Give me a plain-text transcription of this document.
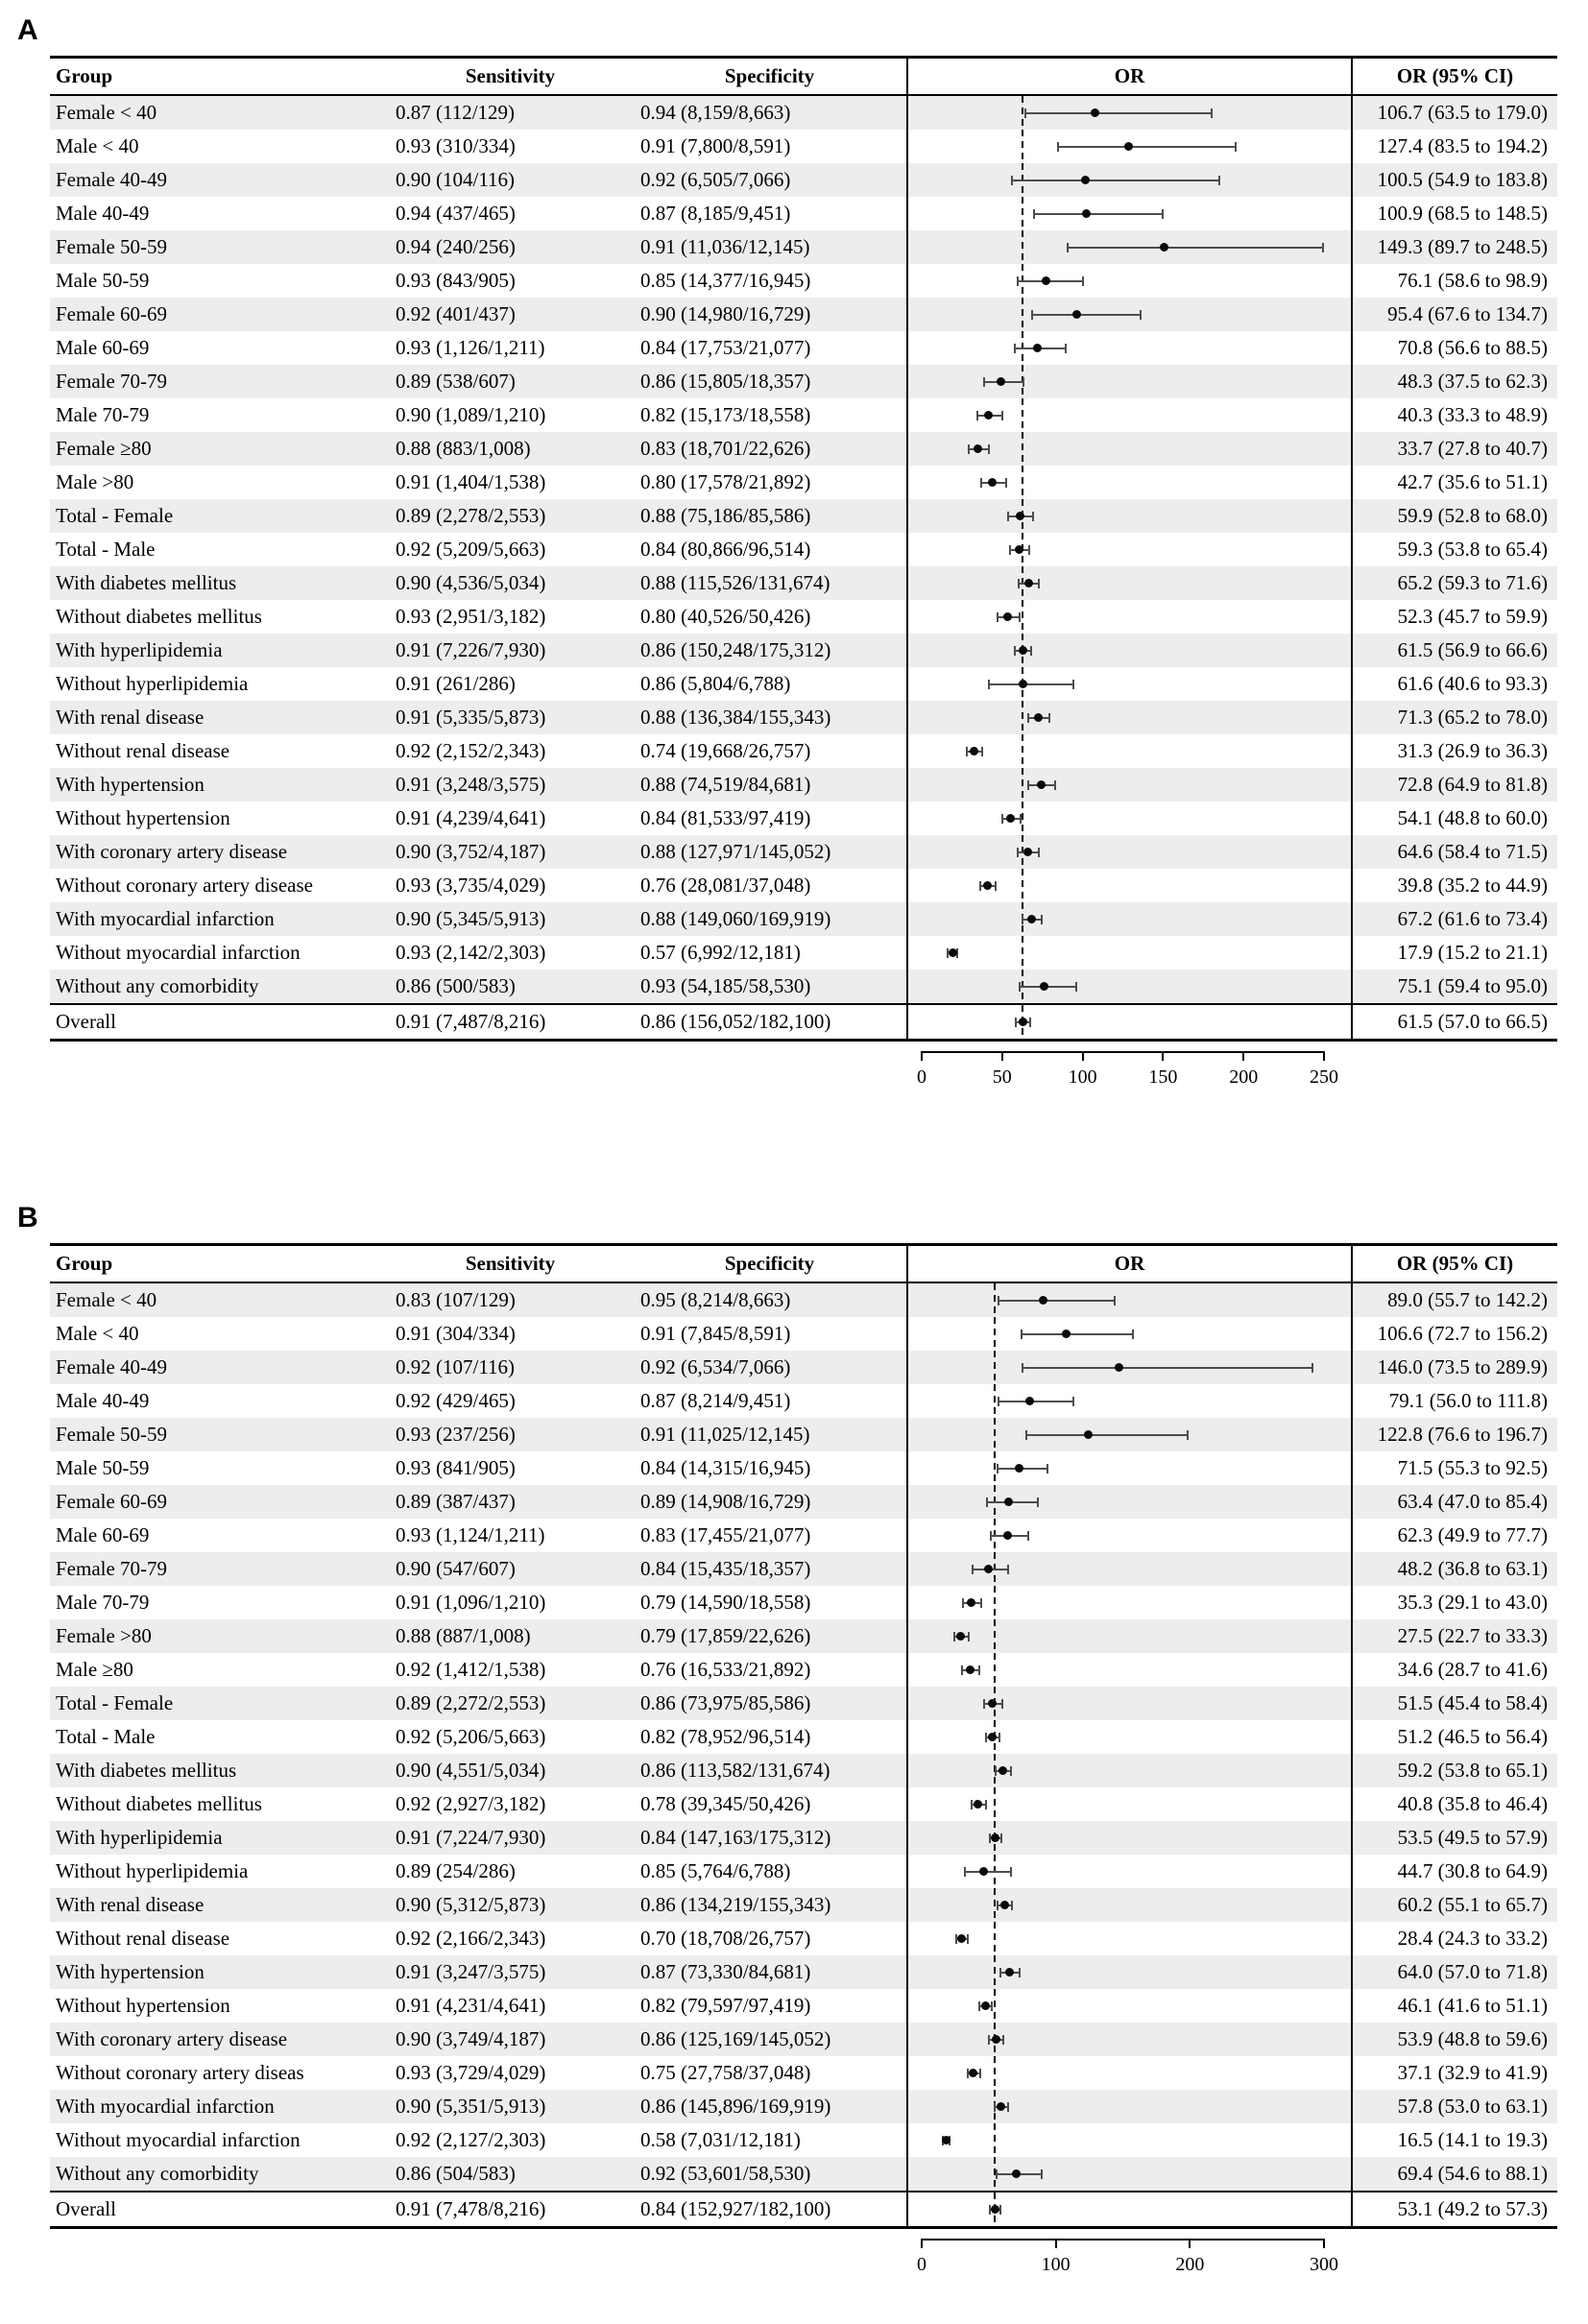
A
Group	Sensitivity	Specificity	OR	OR (95% CI)
Female < 40	0.87 (112/129)	0.94 (8,159/8,663)	106.7 (63.5 to 179.0)
Male < 40	0.93 (310/334)	0.91 (7,800/8,591)	127.4 (83.5 to 194.2)
Female 40-49	0.90 (104/116)	0.92 (6,505/7,066)	100.5 (54.9 to 183.8)
Male 40-49	0.94 (437/465)	0.87 (8,185/9,451)	100.9 (68.5 to 148.5)
Female 50-59	0.94 (240/256)	0.91 (11,036/12,145)	149.3 (89.7 to 248.5)
Male 50-59	0.93 (843/905)	0.85 (14,377/16,945)	76.1 (58.6 to 98.9)
Female 60-69	0.92 (401/437)	0.90 (14,980/16,729)	95.4 (67.6 to 134.7)
Male 60-69	0.93 (1,126/1,211)	0.84 (17,753/21,077)	70.8 (56.6 to 88.5)
Female 70-79	0.89 (538/607)	0.86 (15,805/18,357)	48.3 (37.5 to 62.3)
Male 70-79	0.90 (1,089/1,210)	0.82 (15,173/18,558)	40.3 (33.3 to 48.9)
Female ≥80	0.88 (883/1,008)	0.83 (18,701/22,626)	33.7 (27.8 to 40.7)
Male >80	0.91 (1,404/1,538)	0.80 (17,578/21,892)	42.7 (35.6 to 51.1)
Total - Female	0.89 (2,278/2,553)	0.88 (75,186/85,586)	59.9 (52.8 to 68.0)
Total - Male	0.92 (5,209/5,663)	0.84 (80,866/96,514)	59.3 (53.8 to 65.4)
With diabetes mellitus	0.90 (4,536/5,034)	0.88 (115,526/131,674)	65.2 (59.3 to 71.6)
Without diabetes mellitus	0.93 (2,951/3,182)	0.80 (40,526/50,426)	52.3 (45.7 to 59.9)
With hyperlipidemia	0.91 (7,226/7,930)	0.86 (150,248/175,312)	61.5 (56.9 to 66.6)
Without hyperlipidemia	0.91 (261/286)	0.86 (5,804/6,788)	61.6 (40.6 to 93.3)
With renal disease	0.91 (5,335/5,873)	0.88 (136,384/155,343)	71.3 (65.2 to 78.0)
Without renal disease	0.92 (2,152/2,343)	0.74 (19,668/26,757)	31.3 (26.9 to 36.3)
With hypertension	0.91 (3,248/3,575)	0.88 (74,519/84,681)	72.8 (64.9 to 81.8)
Without hypertension	0.91 (4,239/4,641)	0.84 (81,533/97,419)	54.1 (48.8 to 60.0)
With coronary artery disease	0.90 (3,752/4,187)	0.88 (127,971/145,052)	64.6 (58.4 to 71.5)
Without coronary artery disease	0.93 (3,735/4,029)	0.76 (28,081/37,048)	39.8 (35.2 to 44.9)
With myocardial infarction	0.90 (5,345/5,913)	0.88 (149,060/169,919)	67.2 (61.6 to 73.4)
Without myocardial infarction	0.93 (2,142/2,303)	0.57 (6,992/12,181)	17.9 (15.2 to 21.1)
Without any comorbidity	0.86 (500/583)	0.93 (54,185/58,530)	75.1 (59.4 to 95.0)
Overall	0.91 (7,487/8,216)	0.86 (156,052/182,100)	61.5 (57.0 to 66.5)
0	50	100	150	200	250
B
Group	Sensitivity	Specificity	OR	OR (95% CI)
Female < 40	0.83 (107/129)	0.95 (8,214/8,663)	89.0 (55.7 to 142.2)
Male < 40	0.91 (304/334)	0.91 (7,845/8,591)	106.6 (72.7 to 156.2)
Female 40-49	0.92 (107/116)	0.92 (6,534/7,066)	146.0 (73.5 to 289.9)
Male 40-49	0.92 (429/465)	0.87 (8,214/9,451)	79.1 (56.0 to 111.8)
Female 50-59	0.93 (237/256)	0.91 (11,025/12,145)	122.8 (76.6 to 196.7)
Male 50-59	0.93 (841/905)	0.84 (14,315/16,945)	71.5 (55.3 to 92.5)
Female 60-69	0.89 (387/437)	0.89 (14,908/16,729)	63.4 (47.0 to 85.4)
Male 60-69	0.93 (1,124/1,211)	0.83 (17,455/21,077)	62.3 (49.9 to 77.7)
Female 70-79	0.90 (547/607)	0.84 (15,435/18,357)	48.2 (36.8 to 63.1)
Male 70-79	0.91 (1,096/1,210)	0.79 (14,590/18,558)	35.3 (29.1 to 43.0)
Female >80	0.88 (887/1,008)	0.79 (17,859/22,626)	27.5 (22.7 to 33.3)
Male ≥80	0.92 (1,412/1,538)	0.76 (16,533/21,892)	34.6 (28.7 to 41.6)
Total - Female	0.89 (2,272/2,553)	0.86 (73,975/85,586)	51.5 (45.4 to 58.4)
Total - Male	0.92 (5,206/5,663)	0.82 (78,952/96,514)	51.2 (46.5 to 56.4)
With diabetes mellitus	0.90 (4,551/5,034)	0.86 (113,582/131,674)	59.2 (53.8 to 65.1)
Without diabetes mellitus	0.92 (2,927/3,182)	0.78 (39,345/50,426)	40.8 (35.8 to 46.4)
With hyperlipidemia	0.91 (7,224/7,930)	0.84 (147,163/175,312)	53.5 (49.5 to 57.9)
Without hyperlipidemia	0.89 (254/286)	0.85 (5,764/6,788)	44.7 (30.8 to 64.9)
With renal disease	0.90 (5,312/5,873)	0.86 (134,219/155,343)	60.2 (55.1 to 65.7)
Without renal disease	0.92 (2,166/2,343)	0.70 (18,708/26,757)	28.4 (24.3 to 33.2)
With hypertension	0.91 (3,247/3,575)	0.87 (73,330/84,681)	64.0 (57.0 to 71.8)
Without hypertension	0.91 (4,231/4,641)	0.82 (79,597/97,419)	46.1 (41.6 to 51.1)
With coronary artery disease	0.90 (3,749/4,187)	0.86 (125,169/145,052)	53.9 (48.8 to 59.6)
Without coronary artery diseas	0.93 (3,729/4,029)	0.75 (27,758/37,048)	37.1 (32.9 to 41.9)
With myocardial infarction	0.90 (5,351/5,913)	0.86 (145,896/169,919)	57.8 (53.0 to 63.1)
Without myocardial infarction	0.92 (2,127/2,303)	0.58 (7,031/12,181)	16.5 (14.1 to 19.3)
Without any comorbidity	0.86 (504/583)	0.92 (53,601/58,530)	69.4 (54.6 to 88.1)
Overall	0.91 (7,478/8,216)	0.84 (152,927/182,100)	53.1 (49.2 to 57.3)
0	100	200	300
